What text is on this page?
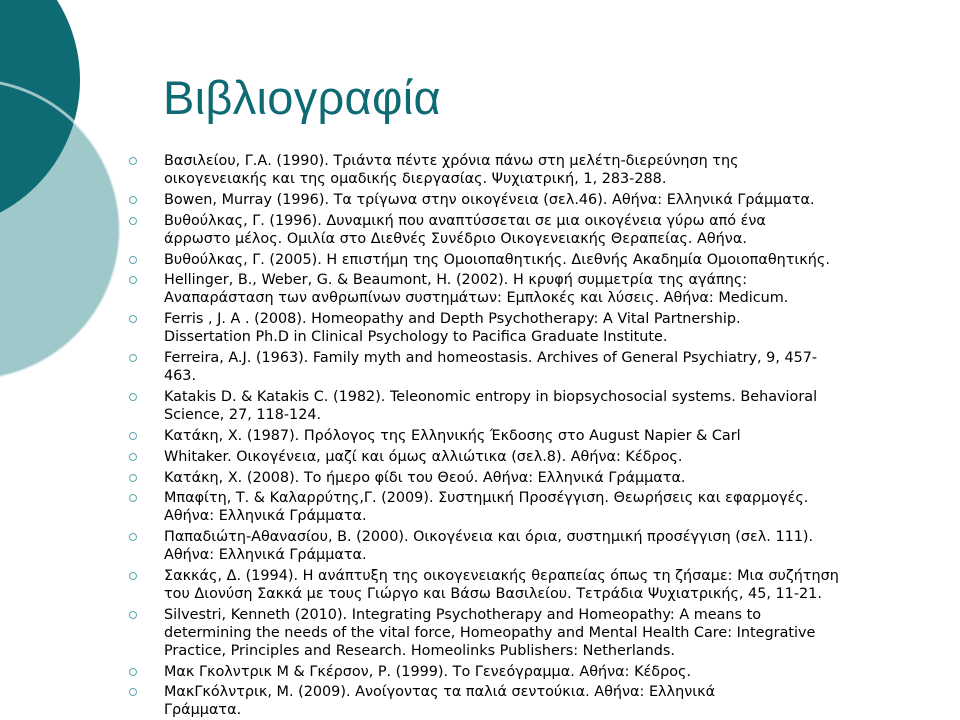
Βιβλιογραφία
Βασιλείου, Γ.Α. (1990). Τριάντα πέντε χρόνια πάνω στη μελέτη-διερεύνηση της
οικογενειακής και της ομαδικής διεργασίας. Ψυχιατρική, 1, 283-288.
Bowen, Murray (1996). Τα τρίγωνα στην οικογένεια (σελ.46). Αθήνα: Ελληνικά Γράμματα.
Βυθούλκας, Γ. (1996). Δυναμική που αναπτύσσεται σε μια οικογένεια γύρω από ένα
άρρωστο μέλος. Ομιλία στο Διεθνές Συνέδριο Οικογενειακής Θεραπείας. Αθήνα.
Βυθούλκας, Γ. (2005). Η επιστήμη της Ομοιοπαθητικής. Διεθνής Ακαδημία Ομοιοπαθητικής.
Hellinger, B., Weber, G. & Beaumont, H. (2002). Η κρυφή συμμετρία της αγάπης:
Αναπαράσταση των ανθρωπίνων συστημάτων: Εμπλοκές και λύσεις. Αθήνα: Medicum.
Ferris , J. A . (2008). Homeopathy and Depth Psychotherapy: A Vital Partnership.
Dissertation Ph.D in Clinical Psychology to Pacifica Graduate Institute.
Ferreira, A.J. (1963). Family myth and homeostasis. Archives of General Psychiatry, 9, 457-
463.
Katakis D. & Katakis C. (1982). Teleonomic entropy in biopsychosocial systems. Behavioral
Science, 27, 118-124.
Κατάκη, Χ. (1987). Πρόλογος της Ελληνικής Έκδοσης στο August Napier & Carl
Whitaker. Οικογένεια, μαζί και όμως αλλιώτικα (σελ.8). Αθήνα: Κέδρος.
Κατάκη, Χ. (2008). Το ήμερο φίδι του Θεού. Αθήνα: Ελληνικά Γράμματα.
Μπαφίτη, Τ. & Καλαρρύτης,Γ. (2009). Συστημική Προσέγγιση. Θεωρήσεις και εφαρμογές.
Αθήνα: Ελληνικά Γράμματα.
Παπαδιώτη-Αθανασίου, Β. (2000). Οικογένεια και όρια, συστημική προσέγγιση (σελ. 111).
Αθήνα: Ελληνικά Γράμματα.
Σακκάς, Δ. (1994). Η ανάπτυξη της οικογενειακής θεραπείας όπως τη ζήσαμε: Μια συζήτηση
του Διονύση Σακκά με τους Γιώργο και Βάσω Βασιλείου. Τετράδια Ψυχιατρικής, 45, 11-21.
Silvestri, Kenneth (2010). Integrating Psychotherapy and Homeopathy: A means to
determining the needs of the vital force, Homeopathy and Mental Health Care: Integrative
Practice, Principles and Research. Homeolinks Publishers: Netherlands.
Μακ Γκολντρικ Μ & Γκέρσον, Ρ. (1999). Το Γενεόγραμμα. Αθήνα: Κέδρος.
ΜακΓκόλντρικ, Μ. (2009). Ανοίγοντας τα παλιά σεντούκια. Αθήνα: Ελληνικά
Γράμματα.
